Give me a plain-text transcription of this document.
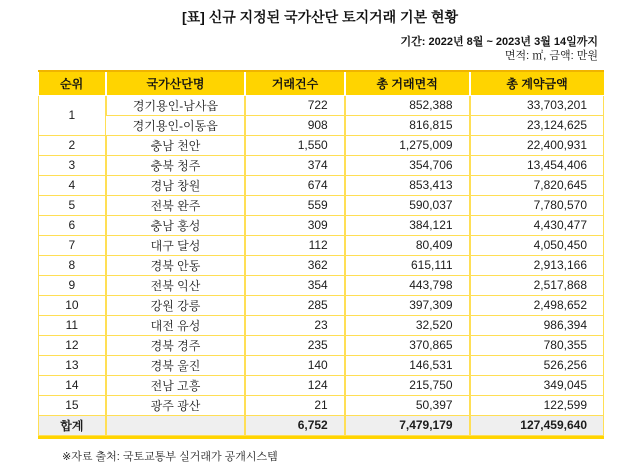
[표] 신규 지정된 국가산단 토지거래 기본 현황
기간: 2022년 8월 ~ 2023년 3월 14일까지
면적: ㎡, 금액: 만원
순위	국가산단명	거래건수	총 거래면적	총 계약금액
1	경기용인-남사읍	722	852,388	33,703,201
	경기용인-이동읍	908	816,815	23,124,625
2	충남 천안	1,550	1,275,009	22,400,931
3	충북 청주	374	354,706	13,454,406
4	경남 창원	674	853,413	7,820,645
5	전북 완주	559	590,037	7,780,570
6	충남 홍성	309	384,121	4,430,477
7	대구 달성	112	80,409	4,050,450
8	경북 안동	362	615,111	2,913,166
9	전북 익산	354	443,798	2,517,868
10	강원 강릉	285	397,309	2,498,652
11	대전 유성	23	32,520	986,394
12	경북 경주	235	370,865	780,355
13	경북 울진	140	146,531	526,256
14	전남 고흥	124	215,750	349,045
15	광주 광산	21	50,397	122,599
합계		6,752	7,479,179	127,459,640
※자료 출처: 국토교통부 실거래가 공개시스템
